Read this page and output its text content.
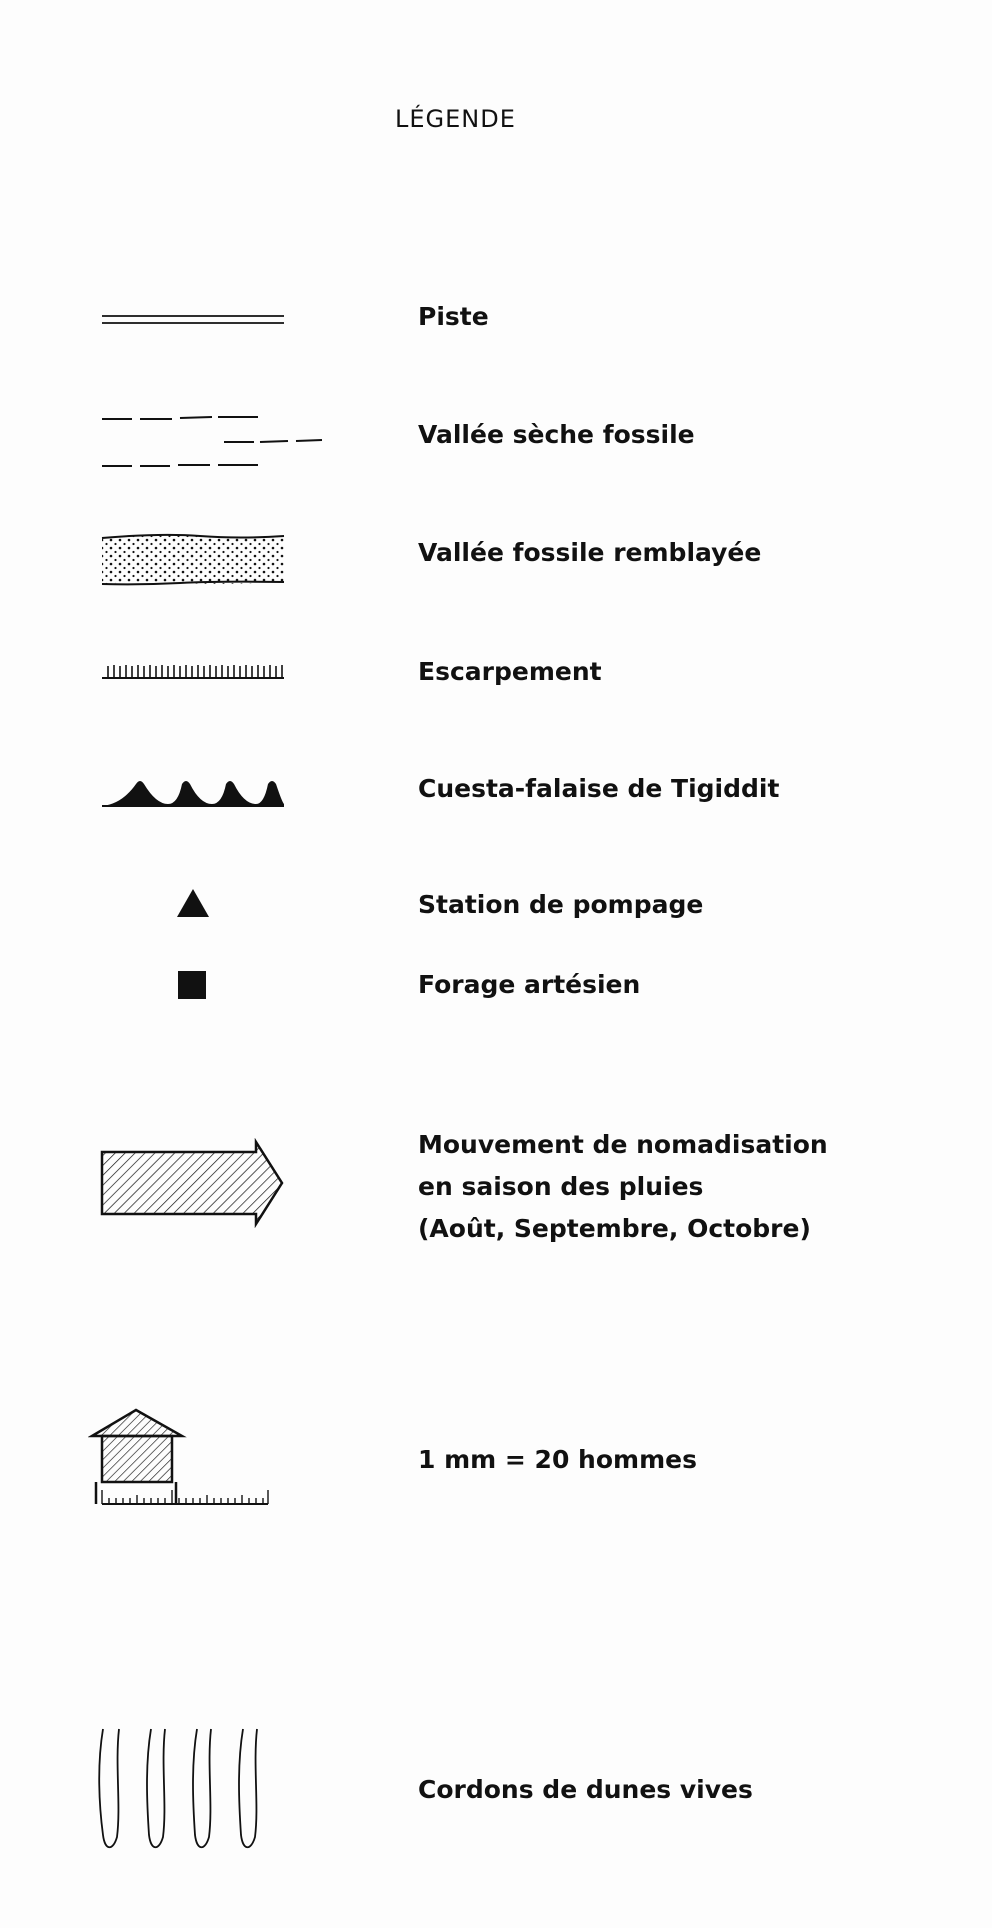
LÉGENDE
Piste
Vallée sèche fossile
Vallée fossile remblayée
Escarpement
Cuesta-falaise de Tigiddit
Station de pompage
Forage artésien
Mouvement de nomadisation
en saison des pluies
(Août, Septembre, Octobre)
1 mm = 20 hommes
Cordons de dunes vives
